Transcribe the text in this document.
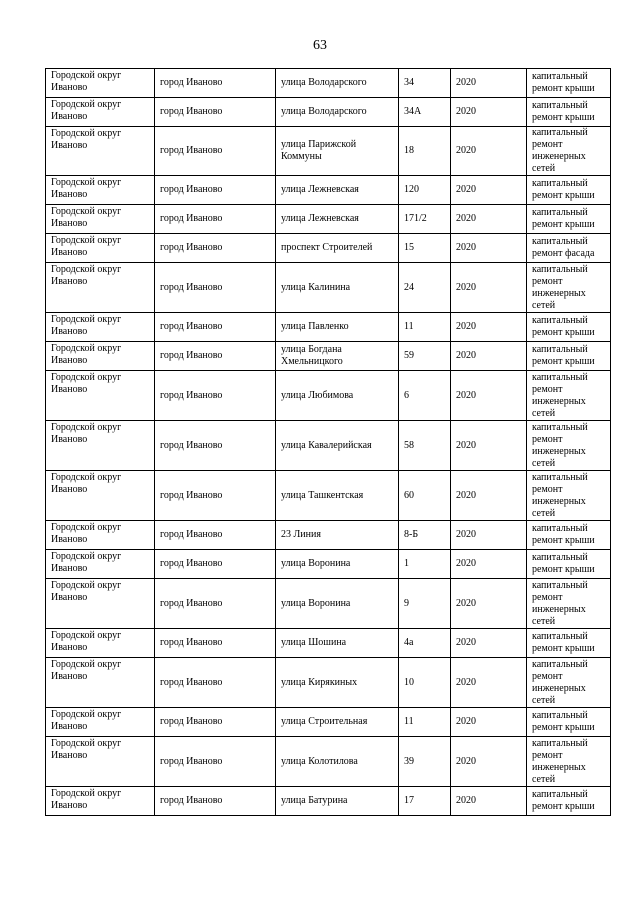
63
Городской округ Иваново	город Иваново	улица Володарского	34	2020	капитальный ремонт крыши
Городской округ Иваново	город Иваново	улица Володарского	34А	2020	капитальный ремонт крыши
Городской округ Иваново	город Иваново	улица Парижской Коммуны	18	2020	капитальный ремонт инженерных сетей
Городской округ Иваново	город Иваново	улица Лежневская	120	2020	капитальный ремонт крыши
Городской округ Иваново	город Иваново	улица Лежневская	171/2	2020	капитальный ремонт крыши
Городской округ Иваново	город Иваново	проспект Строителей	15	2020	капитальный ремонт фасада
Городской округ Иваново	город Иваново	улица Калинина	24	2020	капитальный ремонт инженерных сетей
Городской округ Иваново	город Иваново	улица Павленко	11	2020	капитальный ремонт крыши
Городской округ Иваново	город Иваново	улица Богдана Хмельницкого	59	2020	капитальный ремонт крыши
Городской округ Иваново	город Иваново	улица Любимова	6	2020	капитальный ремонт инженерных сетей
Городской округ Иваново	город Иваново	улица Кавалерийская	58	2020	капитальный ремонт инженерных сетей
Городской округ Иваново	город Иваново	улица Ташкентская	60	2020	капитальный ремонт инженерных сетей
Городской округ Иваново	город Иваново	23 Линия	8-Б	2020	капитальный ремонт крыши
Городской округ Иваново	город Иваново	улица Воронина	1	2020	капитальный ремонт крыши
Городской округ Иваново	город Иваново	улица Воронина	9	2020	капитальный ремонт инженерных сетей
Городской округ Иваново	город Иваново	улица Шошина	4а	2020	капитальный ремонт крыши
Городской округ Иваново	город Иваново	улица Кирякиных	10	2020	капитальный ремонт инженерных сетей
Городской округ Иваново	город Иваново	улица Строительная	11	2020	капитальный ремонт крыши
Городской округ Иваново	город Иваново	улица Колотилова	39	2020	капитальный ремонт инженерных сетей
Городской округ Иваново	город Иваново	улица Батурина	17	2020	капитальный ремонт крыши
